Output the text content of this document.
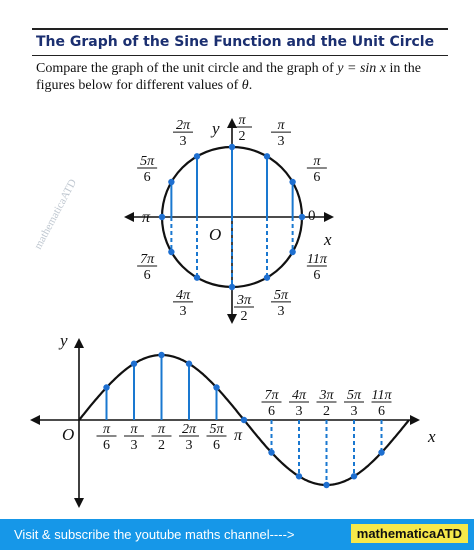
The Graph of the Sine Function and the Unit Circle
Compare the graph of the unit circle and the graph of y = sin x in the figures below for different values of θ.
mathematicaATD
π
6
π
3
π
2
2π
3
5π
6
7π
6
4π
3
3π
2
5π
3
11π
6
x
y
O
0
π
π
6
π
3
π
2
2π
3
5π
6
7π
6
4π
3
3π
2
5π
3
11π
6
y
x
O	π
Visit & subscribe the youtube maths channel---->	mathematicaATD
